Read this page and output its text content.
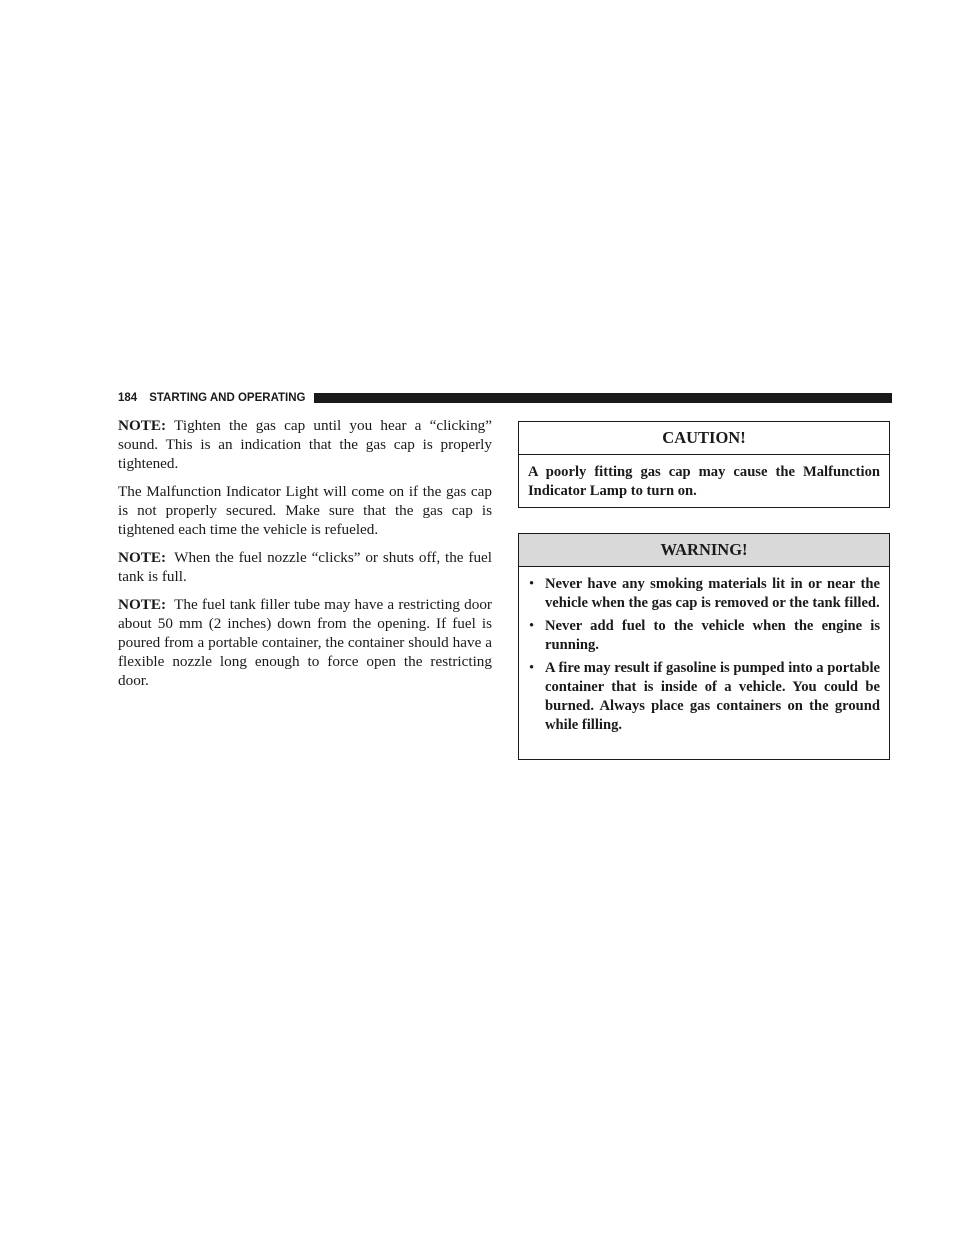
184 STARTING AND OPERATING

NOTE: Tighten the gas cap until you hear a “clicking” sound. This is an indication that the gas cap is properly tightened.

The Malfunction Indicator Light will come on if the gas cap is not properly secured. Make sure that the gas cap is tightened each time the vehicle is refueled.

NOTE: When the fuel nozzle “clicks” or shuts off, the fuel tank is full.

NOTE: The fuel tank filler tube may have a restricting door about 50 mm (2 inches) down from the opening. If fuel is poured from a portable container, the container should have a flexible nozzle long enough to force open the restricting door.

CAUTION!
A poorly fitting gas cap may cause the Malfunction Indicator Lamp to turn on.
WARNING!
• Never have any smoking materials lit in or near the vehicle when the gas cap is removed or the tank filled.
• Never add fuel to the vehicle when the engine is running.
• A fire may result if gasoline is pumped into a portable container that is inside of a vehicle. You could be burned. Always place gas containers on the ground while filling.
